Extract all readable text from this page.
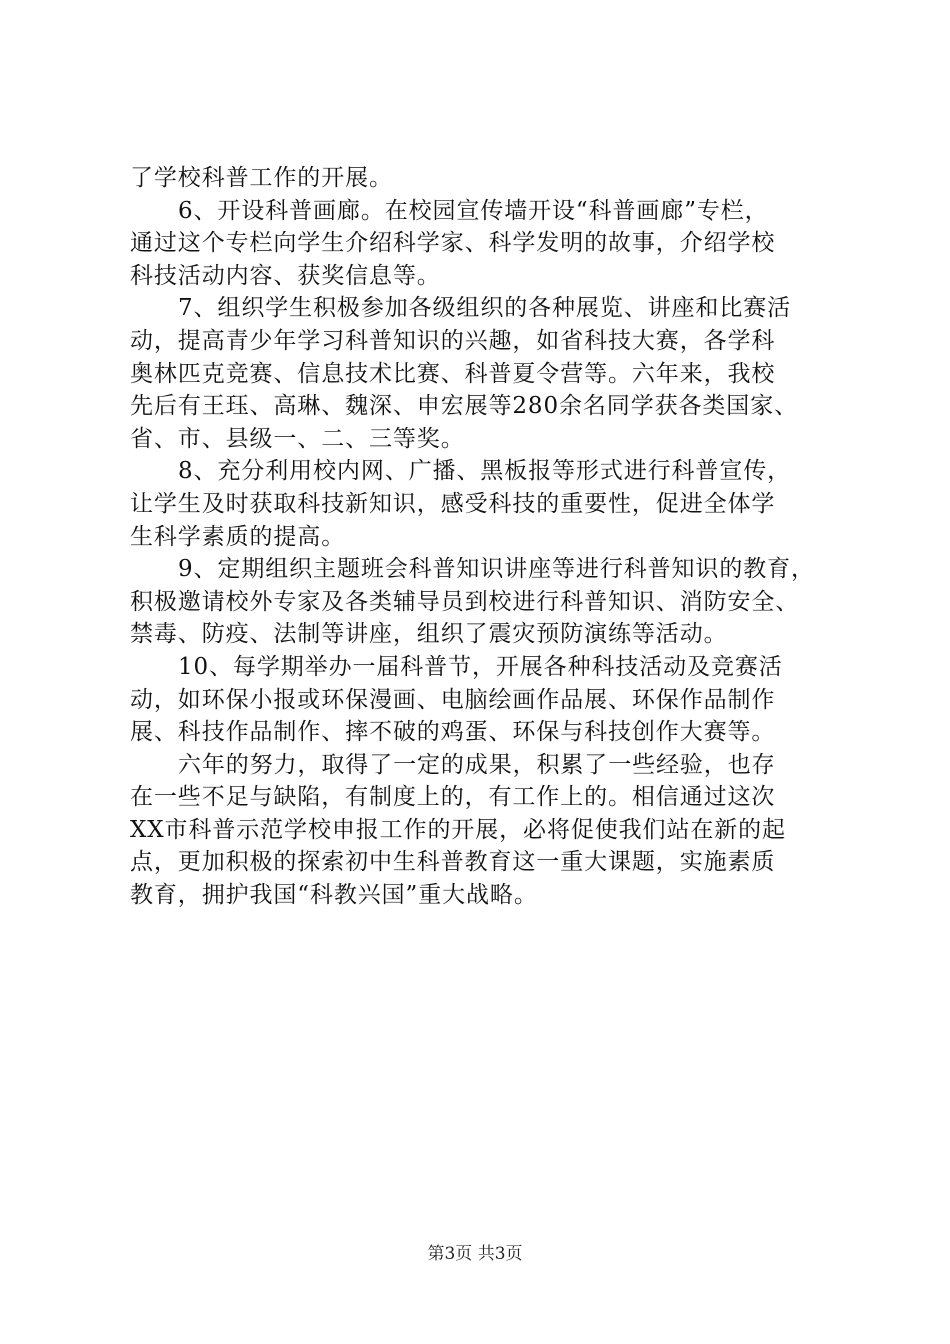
了学校科普工作的开展。
6、开设科普画廊。在校园宣传墙开设“科普画廊”专栏，
通过这个专栏向学生介绍科学家、科学发明的故事，介绍学校
科技活动内容、获奖信息等。
7、组织学生积极参加各级组织的各种展览、讲座和比赛活
动，提高青少年学习科普知识的兴趣，如省科技大赛，各学科
奥林匹克竞赛、信息技术比赛、科普夏令营等。六年来，我校
先后有王珏、高琳、魏深、申宏展等280余名同学获各类国家、
省、市、县级一、二、三等奖。
8、充分利用校内网、广播、黑板报等形式进行科普宣传，
让学生及时获取科技新知识，感受科技的重要性，促进全体学
生科学素质的提高。
9、定期组织主题班会科普知识讲座等进行科普知识的教育，
积极邀请校外专家及各类辅导员到校进行科普知识、消防安全、
禁毒、防疫、法制等讲座，组织了震灾预防演练等活动。
10、每学期举办一届科普节，开展各种科技活动及竞赛活
动，如环保小报或环保漫画、电脑绘画作品展、环保作品制作
展、科技作品制作、摔不破的鸡蛋、环保与科技创作大赛等。
六年的努力，取得了一定的成果，积累了一些经验，也存
在一些不足与缺陷，有制度上的，有工作上的。相信通过这次
XX市科普示范学校申报工作的开展，必将促使我们站在新的起
点，更加积极的探索初中生科普教育这一重大课题，实施素质
教育，拥护我国“科教兴国”重大战略。
第3页 共3页
